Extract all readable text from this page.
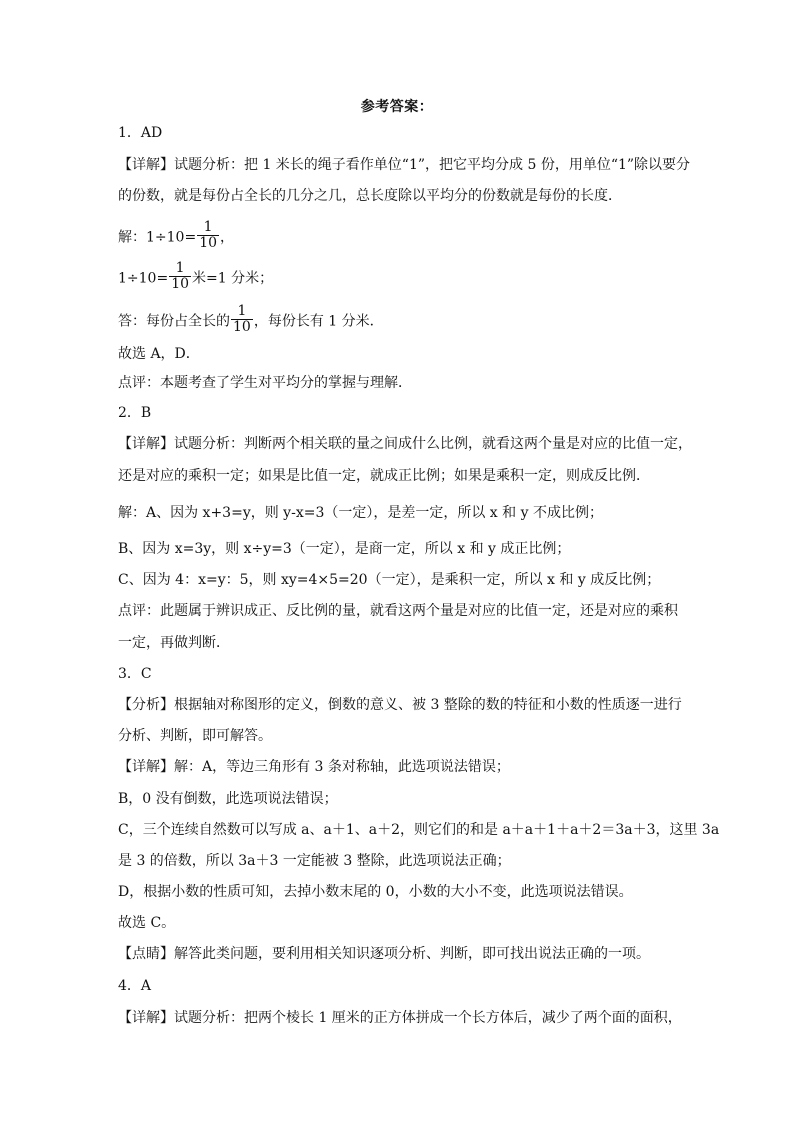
参考答案：
1．AD
【详解】试题分析：把 1 米长的绳子看作单位“1”，把它平均分成 5 份，用单位“1”除以要分
的份数，就是每份占全长的几分之几，总长度除以平均分的份数就是每份的长度．
解：$1\div 10= \frac{1}{10}$ ，
$1\div 10= \frac{1}{10}$ 米=1 分米；
答：每份占全长的 $\frac{1}{10}$ ，每份长有 1 分米．
故选 A，D．
点评：本题考查了学生对平均分的掌握与理解．
2．B
【详解】试题分析：判断两个相关联的量之间成什么比例，就看这两个量是对应的比值一定，
还是对应的乘积一定；如果是比值一定，就成正比例；如果是乘积一定，则成反比例．
解：A、因为 x+3=y，则 y-x=3（一定），是差一定，所以 x 和 y 不成比例；
B、因为 x=3y，则 x÷y=3（一定），是商一定，所以 x 和 y 成正比例；
C、因为 4：x=y：5，则 xy=4×5=20（一定），是乘积一定，所以 x 和 y 成反比例；
点评：此题属于辨识成正、反比例的量，就看这两个量是对应的比值一定，还是对应的乘积
一定，再做判断．
3．C
【分析】根据轴对称图形的定义，倒数的意义、被 3 整除的数的特征和小数的性质逐一进行
分析、判断，即可解答。
【详解】解：A，等边三角形有 3 条对称轴，此选项说法错误；
B，0 没有倒数，此选项说法错误；
C，三个连续自然数可以写成 a、a＋1、a＋2，则它们的和是 a＋a＋1＋a＋2＝3a＋3，这里 3a
是 3 的倍数，所以 3a＋3 一定能被 3 整除，此选项说法正确；
D，根据小数的性质可知，去掉小数末尾的 0，小数的大小不变，此选项说法错误。
故选 C。
【点睛】解答此类问题，要利用相关知识逐项分析、判断，即可找出说法正确的一项。
4．A
【详解】试题分析：把两个棱长 1 厘米的正方体拼成一个长方体后，减少了两个面的面积，
